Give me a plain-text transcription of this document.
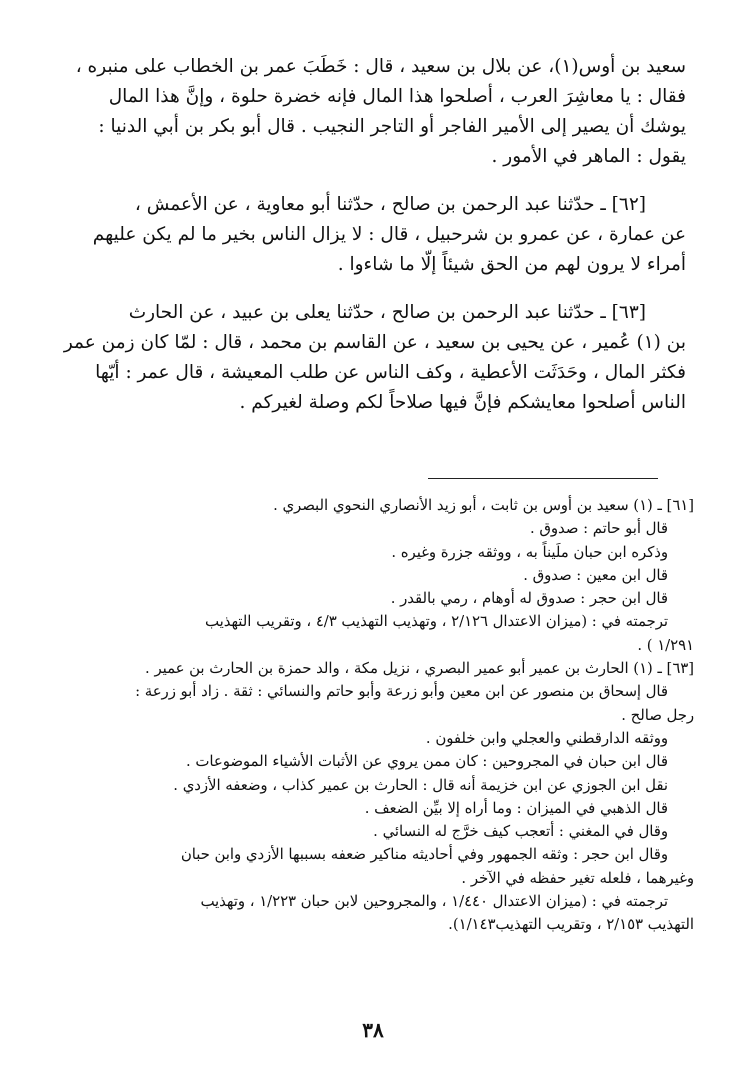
سعيد بن أوس(١)، عن بلال بن سعيد ، قال : خَطَبَ عمر بن الخطاب على منبره ،
فقال : يا معاشِرَ العرب ، أصلحوا هذا المال فإنه خضرة حلوة ، وإنَّ هذا المال
يوشك أن يصير إلى الأمير الفاجر أو التاجر النجيب . قال أبو بكر بن أبي الدنيا :
يقول : الماهر في الأمور .

[٦٢] ـ حدّثنا عبد الرحمن بن صالح ، حدّثنا أبو معاوية ، عن الأعمش ،
عن عمارة ، عن عمرو بن شرحبيل ، قال : لا يزال الناس بخير ما لم يكن عليهم
أمراء لا يرون لهم من الحق شيئاً إلّا ما شاءوا .

[٦٣] ـ حدّثنا عبد الرحمن بن صالح ، حدّثنا يعلى بن عبيد ، عن الحارث
بن (١) عُمير ، عن يحيى بن سعيد ، عن القاسم بن محمد ، قال : لمّا كان زمن عمر
فكثر المال ، وحَدَثَت الأعطية ، وكف الناس عن طلب المعيشة ، قال عمر : أيّها
الناس أصلحوا معايشكم فإنَّ فيها صلاحاً لكم وصلة لغيركم .

[٦١] ـ (١) سعيد بن أوس بن ثابت ، أبو زيد الأنصاري النحوي البصري .
قال أبو حاتم : صدوق .
وذكره ابن حبان ملَيناً به ، ووثقه جزرة وغيره .
قال ابن معين : صدوق .
قال ابن حجر : صدوق له أوهام ، رمي بالقدر .
ترجمته في : (ميزان الاعتدال ٢/١٢٦ ، وتهذيب التهذيب ٤/٣ ، وتقريب التهذيب
١/٢٩١ ) .
[٦٣] ـ (١) الحارث بن عمير أبو عمير البصري ، نزيل مكة ، والد حمزة بن الحارث بن عمير .
قال إسحاق بن منصور عن ابن معين وأبو زرعة وأبو حاتم والنسائي : ثقة . زاد أبو زرعة :
رجل صالح .
ووثقه الدارقطني والعجلي وابن خلفون .
قال ابن حبان في المجروحين : كان ممن يروي عن الأثبات الأشياء الموضوعات .
نقل ابن الجوزي عن ابن خزيمة أنه قال : الحارث بن عمير كذاب ، وضعفه الأزدي .
قال الذهبي في الميزان : وما أراه إلا بيِّن الضعف .
وقال في المغني : أتعجب كيف خرَّج له النسائي .
وقال ابن حجر : وثقه الجمهور وفي أحاديثه مناكير ضعفه بسببها الأزدي وابن حبان
وغيرهما ، فلعله تغير حفظه في الآخر .
ترجمته في : (ميزان الاعتدال ١/٤٤٠ ، والمجروحين لابن حبان ١/٢٢٣ ، وتهذيب
التهذيب ٢/١٥٣ ، وتقريب التهذيب١/١٤٣).
٣٨
